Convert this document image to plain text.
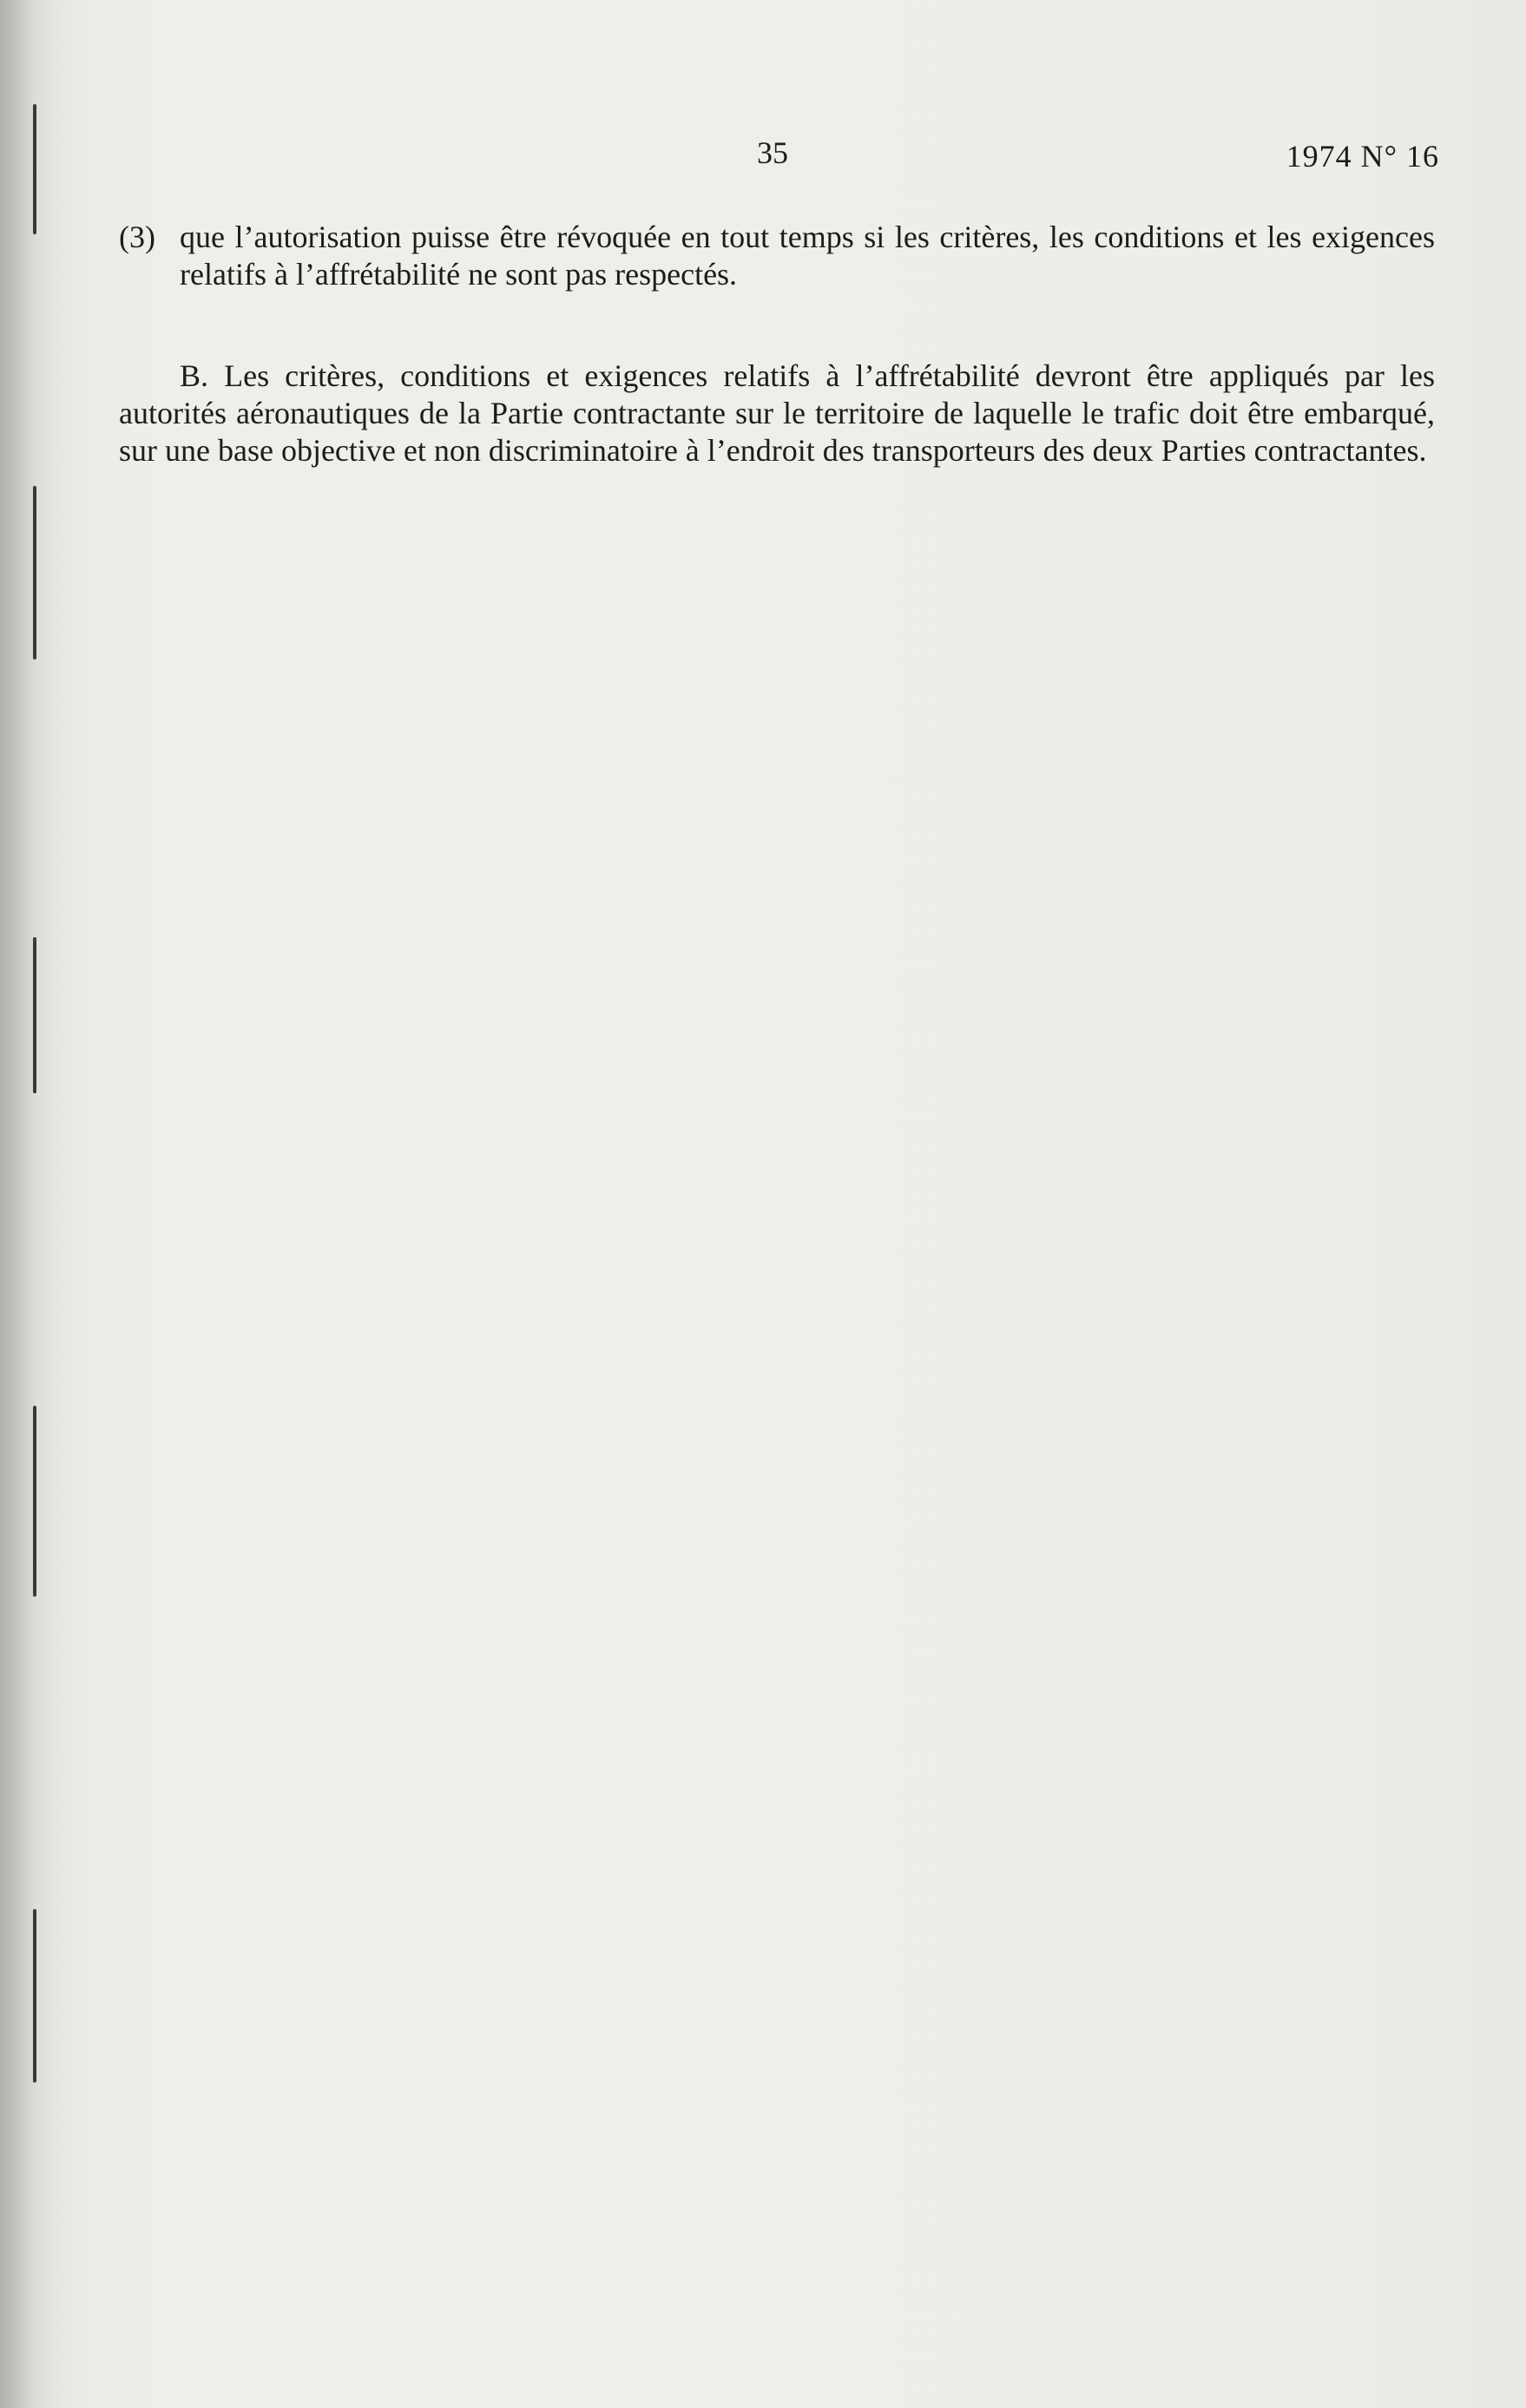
35	1974 N° 16
(3) que l’autorisation puisse être révoquée en tout temps si les critères, les conditions et les exigences relatifs à l’affrétabilité ne sont pas respectés.
B. Les critères, conditions et exigences relatifs à l’affrétabilité devront être appliqués par les autorités aéronautiques de la Partie contractante sur le territoire de laquelle le trafic doit être embarqué, sur une base objective et non discriminatoire à l’endroit des transporteurs des deux Parties contractantes.
